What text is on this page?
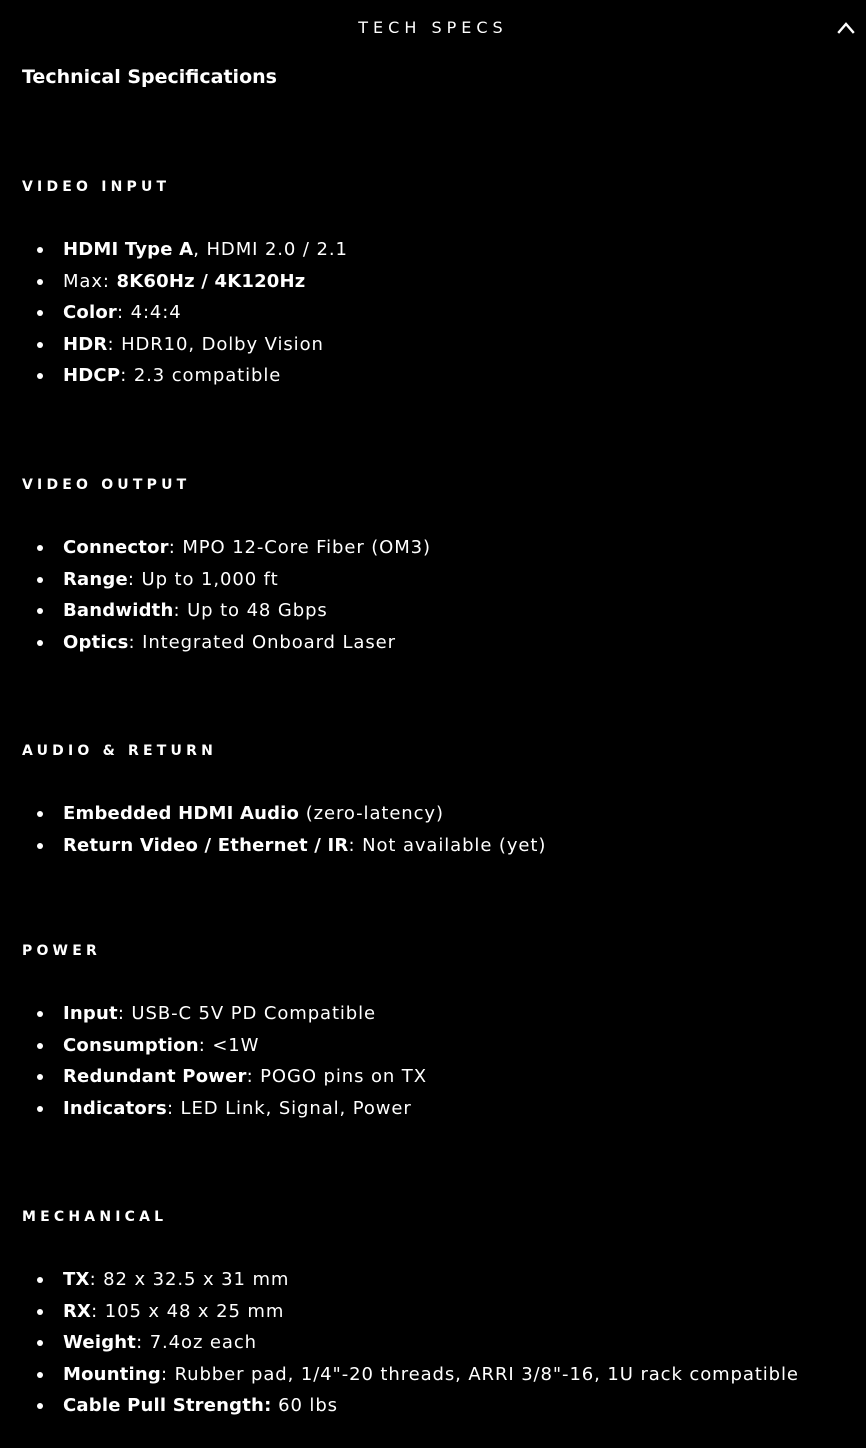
TECH SPECS
Technical Specifications
VIDEO INPUT
HDMI Type A, HDMI 2.0 / 2.1
Max: 8K60Hz / 4K120Hz
Color: 4:4:4
HDR: HDR10, Dolby Vision
HDCP: 2.3 compatible
VIDEO OUTPUT
Connector: MPO 12-Core Fiber (OM3)
Range: Up to 1,000 ft
Bandwidth: Up to 48 Gbps
Optics: Integrated Onboard Laser
AUDIO & RETURN
Embedded HDMI Audio (zero-latency)
Return Video / Ethernet / IR: Not available (yet)
POWER
Input: USB-C 5V PD Compatible
Consumption: <1W
Redundant Power: POGO pins on TX
Indicators: LED Link, Signal, Power
MECHANICAL
TX: 82 x 32.5 x 31 mm
RX: 105 x 48 x 25 mm
Weight: 7.4oz each
Mounting: Rubber pad, 1/4"-20 threads, ARRI 3/8"-16, 1U rack compatible
Cable Pull Strength: 60 lbs
